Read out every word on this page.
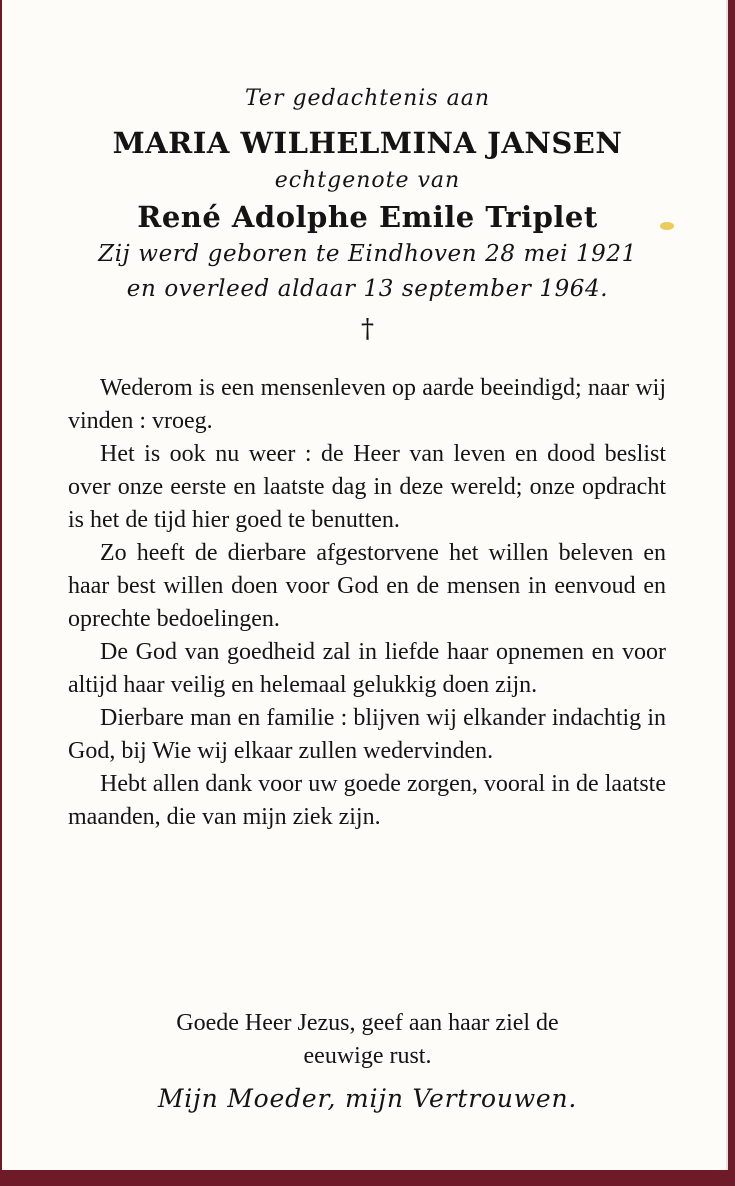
Ter gedachtenis aan
MARIA WILHELMINA JANSEN
echtgenote van
René Adolphe Emile Triplet
Zij werd geboren te Eindhoven 28 mei 1921
en overleed aldaar 13 september 1964.
†

Wederom is een mensenleven op aarde beeindigd; naar wij vinden : vroeg.

Het is ook nu weer : de Heer van leven en dood beslist over onze eerste en laatste dag in deze wereld; onze opdracht is het de tijd hier goed te benutten.

Zo heeft de dierbare afgestorvene het willen beleven en haar best willen doen voor God en de mensen in eenvoud en oprechte bedoelingen.

De God van goedheid zal in liefde haar opnemen en voor altijd haar veilig en helemaal gelukkig doen zijn.

Dierbare man en familie : blijven wij elkander indachtig in God, bij Wie wij elkaar zullen wedervinden.

Hebt allen dank voor uw goede zorgen, vooral in de laatste maanden, die van mijn ziek zijn.

Goede Heer Jezus, geef aan haar ziel de
eeuwige rust.
Mijn Moeder, mijn Vertrouwen.
